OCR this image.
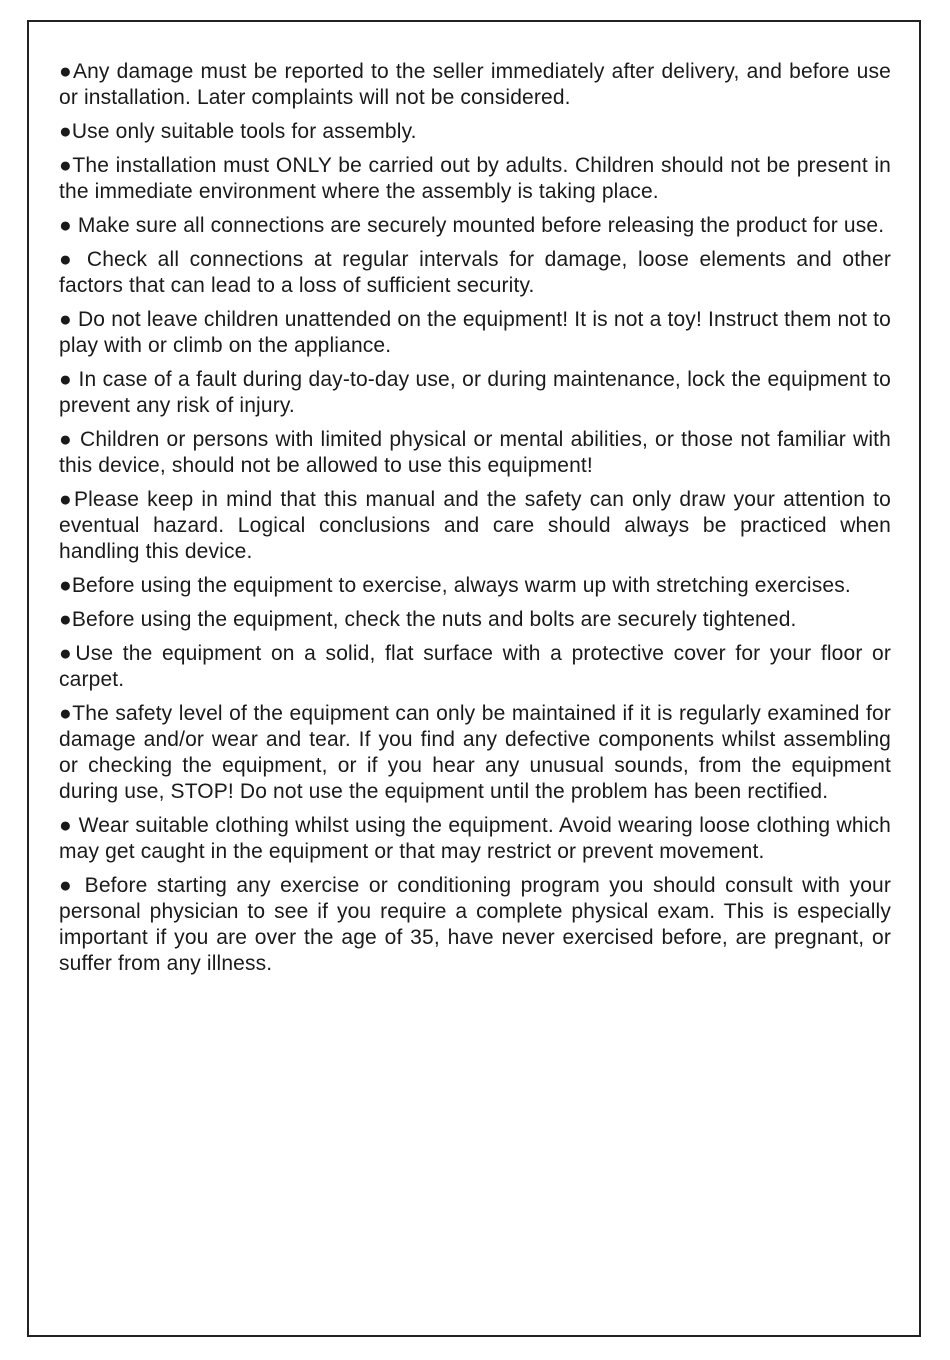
●Any damage must be reported to the seller immediately after delivery, and before use or installation. Later complaints will not be considered.

●Use only suitable tools for assembly.

●The installation must ONLY be carried out by adults. Children should not be present in the immediate environment where the assembly is taking place.

● Make sure all connections are securely mounted before releasing the product for use.

● Check all connections at regular intervals for damage, loose elements and other factors that can lead to a loss of sufficient security.

● Do not leave children unattended on the equipment! It is not a toy! Instruct them not to play with or climb on the appliance.

● In case of a fault during day-to-day use, or during maintenance, lock the equipment to prevent any risk of injury.

● Children or persons with limited physical or mental abilities, or those not familiar with this device, should not be allowed to use this equipment!

●Please keep in mind that this manual and the safety can only draw your attention to eventual hazard. Logical conclusions and care should always be practiced when handling this device.

●Before using the equipment to exercise, always warm up with stretching exercises.

●Before using the equipment, check the nuts and bolts are securely tightened.

●Use the equipment on a solid, flat surface with a protective cover for your floor or carpet.

●The safety level of the equipment can only be maintained if it is regularly examined for damage and/or wear and tear. If you find any defective components whilst assembling or checking the equipment, or if you hear any unusual sounds, from the equipment during use, STOP! Do not use the equipment until the problem has been rectified.

● Wear suitable clothing whilst using the equipment. Avoid wearing loose clothing which may get caught in the equipment or that may restrict or prevent movement.

● Before starting any exercise or conditioning program you should consult with your personal physician to see if you require a complete physical exam. This is especially important if you are over the age of 35, have never exercised before, are pregnant, or suffer from any illness.
